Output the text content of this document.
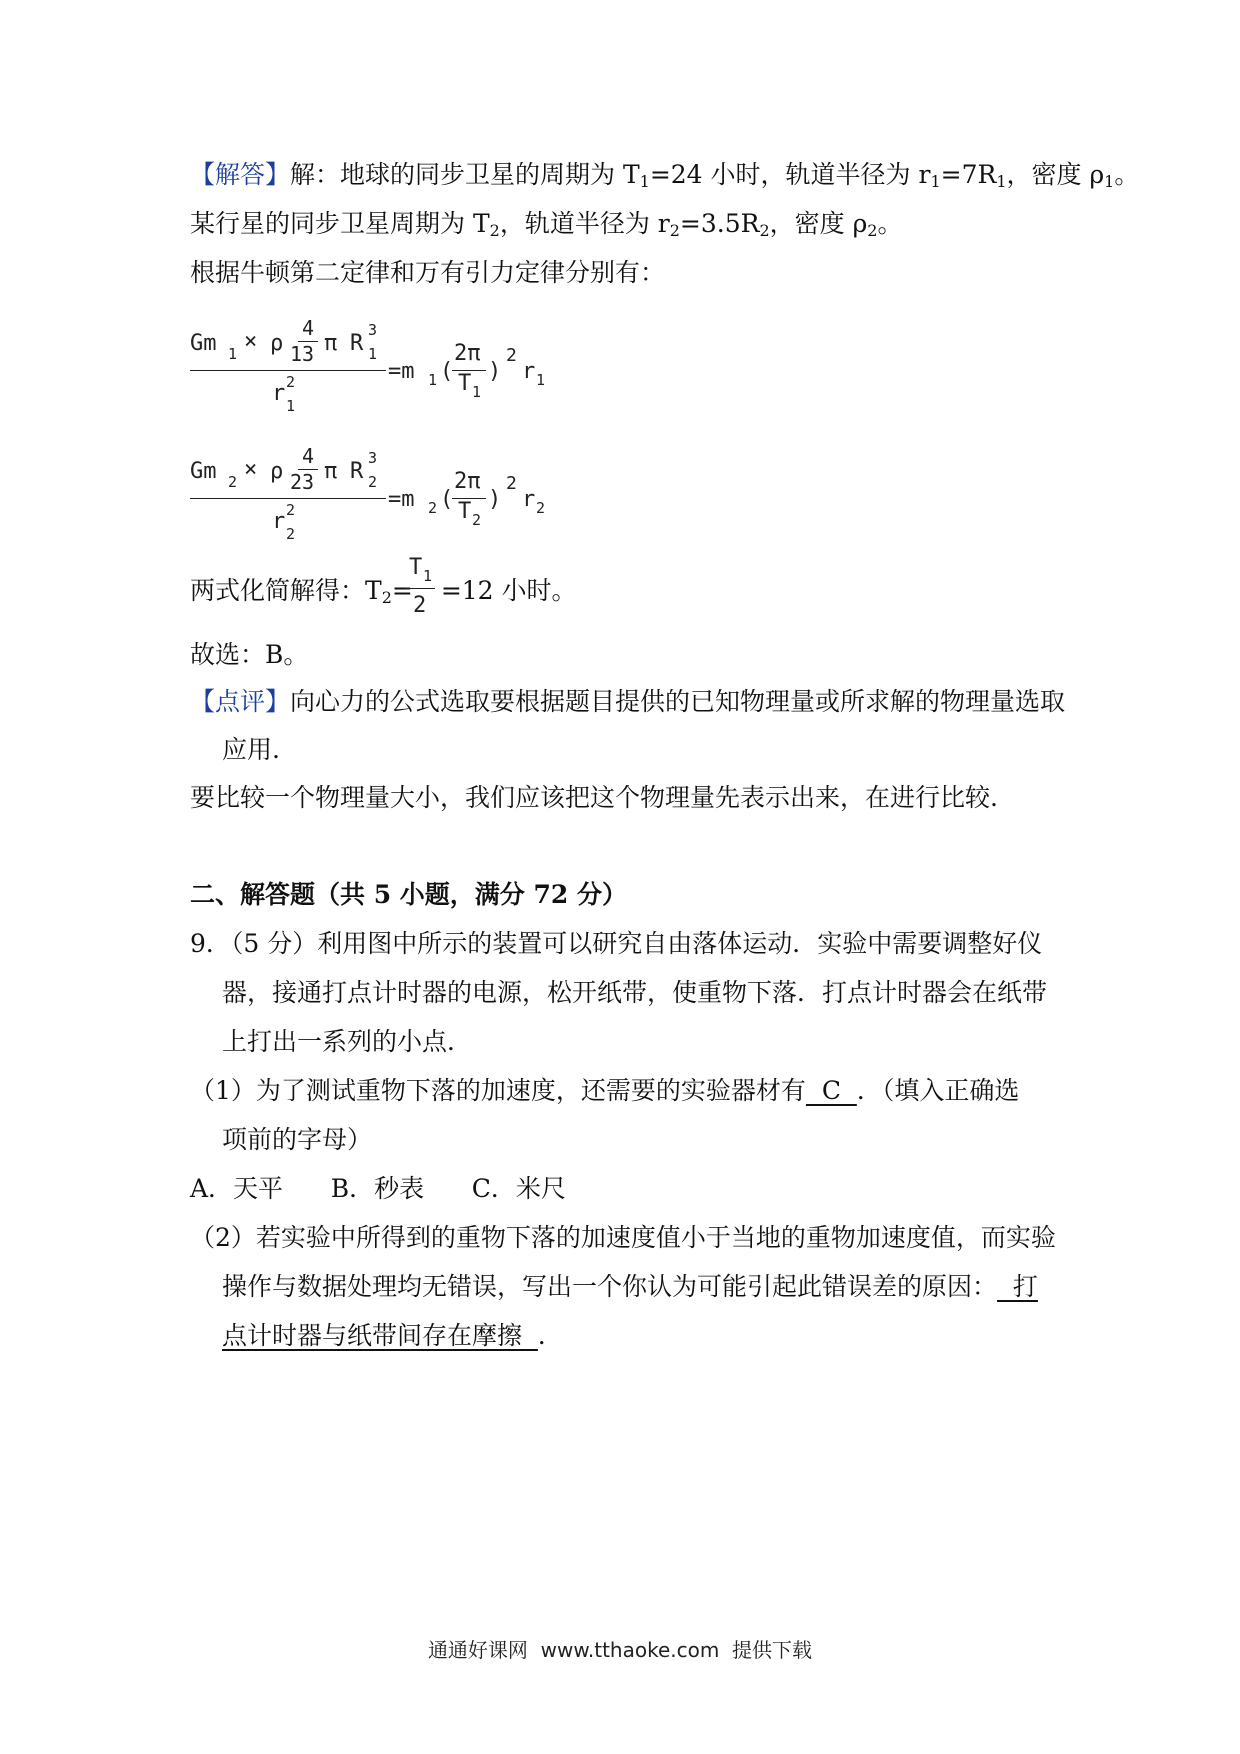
【解答】解：地球的同步卫星的周期为 $T_1=24$ 小时，轨道半径为 $r_1=7R_1$，密度 $\rho_1$。
某行星的同步卫星周期为 $T_2$，轨道半径为 $r_2=3.5R_2$，密度 $\rho_2$。
根据牛顿第二定律和万有引力定律分别有：
Gm 1 × ρ
4
13 π R
3
1
r 2
1
=m 1 (
2π
T 1
)
2
r 1
Gm 2 × ρ
4
23 π R
3
2
r 2
2
=m 2 (
2π
T 2
)
2
r 2
两式化简解得：$T_2= =12$ 小时。
T 1
2
故选：B。
【点评】向心力的公式选取要根据题目提供的已知物理量或所求解的物理量选取
应用.
要比较一个物理量大小，我们应该把这个物理量先表示出来，在进行比较.
二、解答题（共 5 小题，满分 72 分）
9．（5 分）利用图中所示的装置可以研究自由落体运动．实验中需要调整好仪
器，接通打点计时器的电源，松开纸带，使重物下落．打点计时器会在纸带
上打出一系列的小点．
（1）为了测试重物下落的加速度，还需要的实验器材有  C  ．（填入正确选
项前的字母）
A．天平      B．秒表      C．米尺
（2）若实验中所得到的重物下落的加速度值小于当地的重物加速度值，而实验
操作与数据处理均无错误，写出一个你认为可能引起此错误差的原因：  打
点计时器与纸带间存在摩擦  ．
通通好课网  www.tthaoke.com  提供下载
